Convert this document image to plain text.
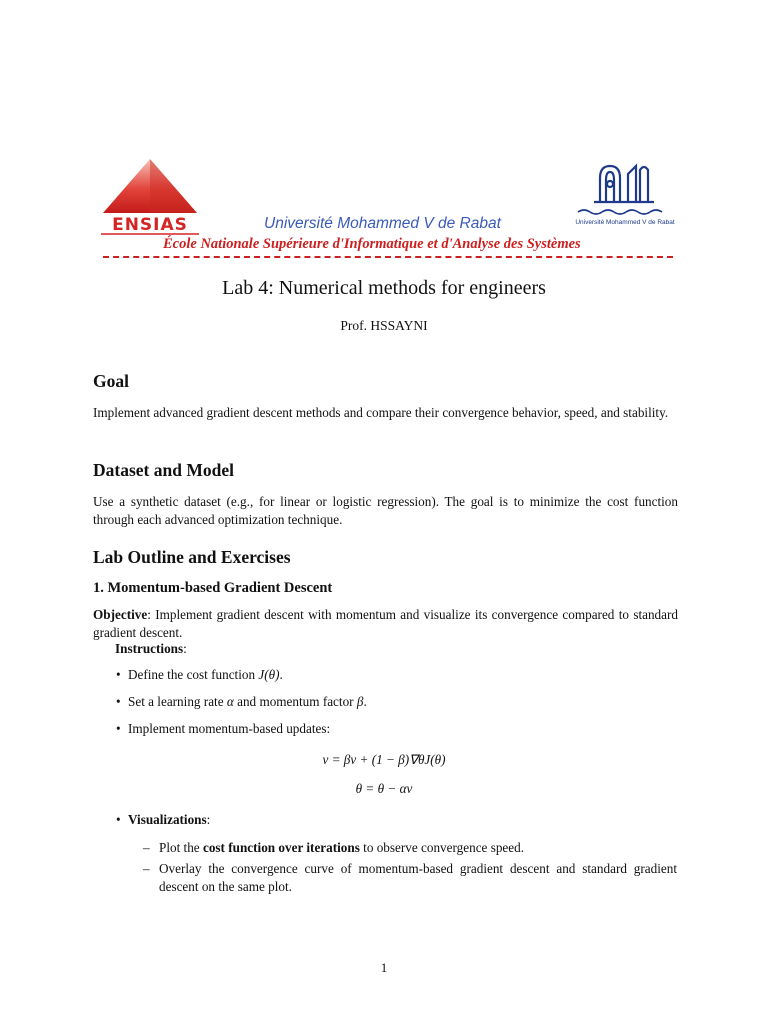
ENSIAS	Université Mohammed V de Rabat
École Nationale Supérieure d'Informatique et d'Analyse des Systèmes
Université Mohammed V de Rabat
Lab 4: Numerical methods for engineers
Prof. HSSAYNI
Goal
Implement advanced gradient descent methods and compare their convergence behavior, speed, and stability.
Dataset and Model
Use a synthetic dataset (e.g., for linear or logistic regression). The goal is to minimize the cost function through each advanced optimization technique.
Lab Outline and Exercises
1. Momentum-based Gradient Descent
Objective: Implement gradient descent with momentum and visualize its convergence compared to standard gradient descent.
Instructions:
• Define the cost function J(θ).
• Set a learning rate α and momentum factor β.
• Implement momentum-based updates:
v = βv + (1 − β)∇θJ(θ)
θ = θ − αv
• Visualizations:
– Plot the cost function over iterations to observe convergence speed.
– Overlay the convergence curve of momentum-based gradient descent and standard gradient descent on the same plot.
1
